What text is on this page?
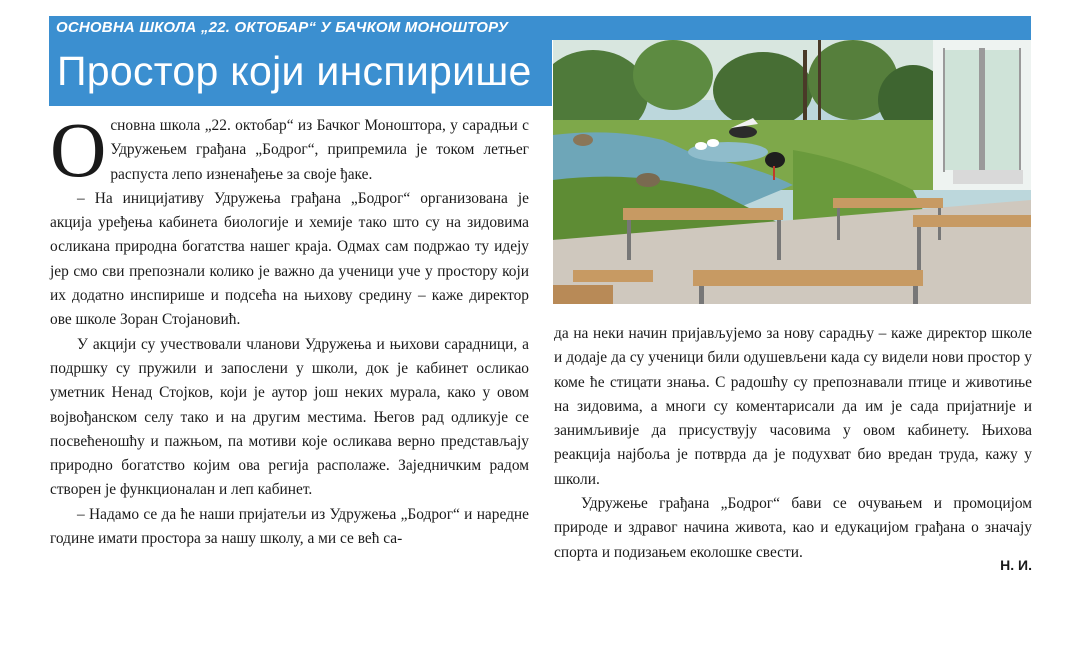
ОСНОВНА ШКОЛА „22. ОКТОБАР“ У БАЧКОМ МОНОШТОРУ
Простор који инспирише

Основна школа „22. октобар“ из Бачког Моноштора, у сарадњи с Удружењем грађана „Бодрог“, припремила је током летњег распуста лепо изненађење за своје ђаке.

– На иницијативу Удружења грађана „Бодрог“ организована је акција уређења кабинета биологије и хемије тако што су на зидовима осликана природна богатства нашег краја. Одмах сам подржао ту идеју јер смо сви препознали колико је важно да ученици уче у простору који их додатно инспирише и подсећа на њихову средину – каже директор ове школе Зоран Стојановић.

У акцији су учествовали чланови Удружења и њихови сарадници, а подршку су пружили и запослени у школи, док је кабинет осликао уметник Ненад Стојков, који је аутор још неких мурала, како у овом војвођанском селу тако и на другим местима. Његов рад одликује се посвећеношћу и пажњом, па мотиви које осликава верно представљају природно богатство којим ова регија располаже. Заједничким радом створен је функционалан и леп кабинет.

– Надамо се да ће наши пријатељи из Удружења „Бодрог“ и наредне године имати простора за нашу школу, а ми се већ са-

да на неки начин пријављујемо за нову сарадњу – каже директор школе и додаје да су ученици били одушевљени када су видели нови простор у коме ће стицати знања. С радошћу су препознавали птице и животиње на зидовима, а многи су коментарисали да им је сада пријатније и занимљивије да присуствују часовима у овом кабинету. Њихова реакција најбоља је потврда да је подухват био вредан труда, кажу у школи.

Удружење грађана „Бодрог“ бави се очувањем и промоцијом природе и здравог начина живота, као и едукацијом грађана о значају спорта и подизањем еколошке свести.

Н. И.
